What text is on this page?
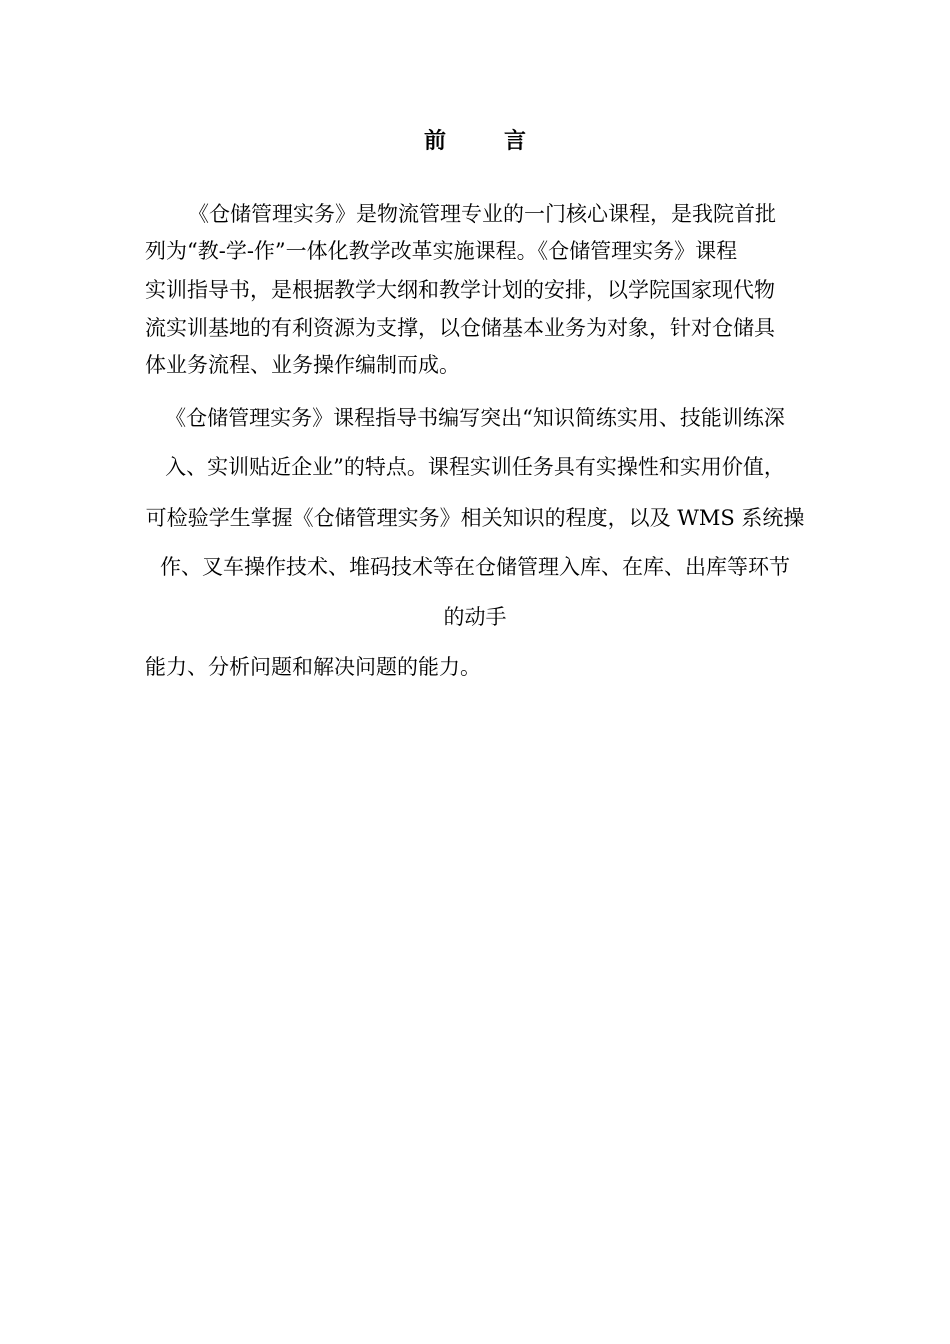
前	言
《仓储管理实务》是物流管理专业的一门核心课程，是我院首批
列为“教-学-作”一体化教学改革实施课程。《仓储管理实务》课程
实训指导书，是根据教学大纲和教学计划的安排，以学院国家现代物
流实训基地的有利资源为支撑，以仓储基本业务为对象，针对仓储具
体业务流程、业务操作编制而成。
《仓储管理实务》课程指导书编写突出“知识简练实用、技能训练深
入、实训贴近企业”的特点。课程实训任务具有实操性和实用价值，
可检验学生掌握《仓储管理实务》相关知识的程度，以及 WMS 系统操
作、叉车操作技术、堆码技术等在仓储管理入库、在库、出库等环节
的动手
能力、分析问题和解决问题的能力。
